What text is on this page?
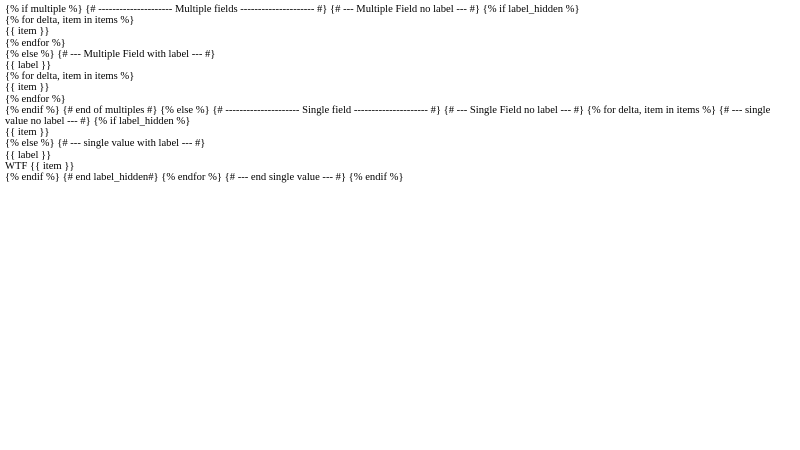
{% if multiple %} {# --------------------- Multiple fields --------------------- #} {# --- Multiple Field no label --- #} {% if label_hidden %}
{% for delta, item in items %}
{{ item }}
{% endfor %}
{% else %} {# --- Multiple Field with label --- #}
{{ label }}
{% for delta, item in items %}
{{ item }}
{% endfor %}
{% endif %} {# end of multiples #} {% else %} {# --------------------- Single field --------------------- #} {# --- Single Field no label --- #} {% for delta, item in items %} {# --- single value no label --- #} {% if label_hidden %}
{{ item }}
{% else %} {# --- single value with label --- #}
{{ label }}
WTF {{ item }}
{% endif %} {# end label_hidden#} {% endfor %} {# --- end single value --- #} {% endif %}
